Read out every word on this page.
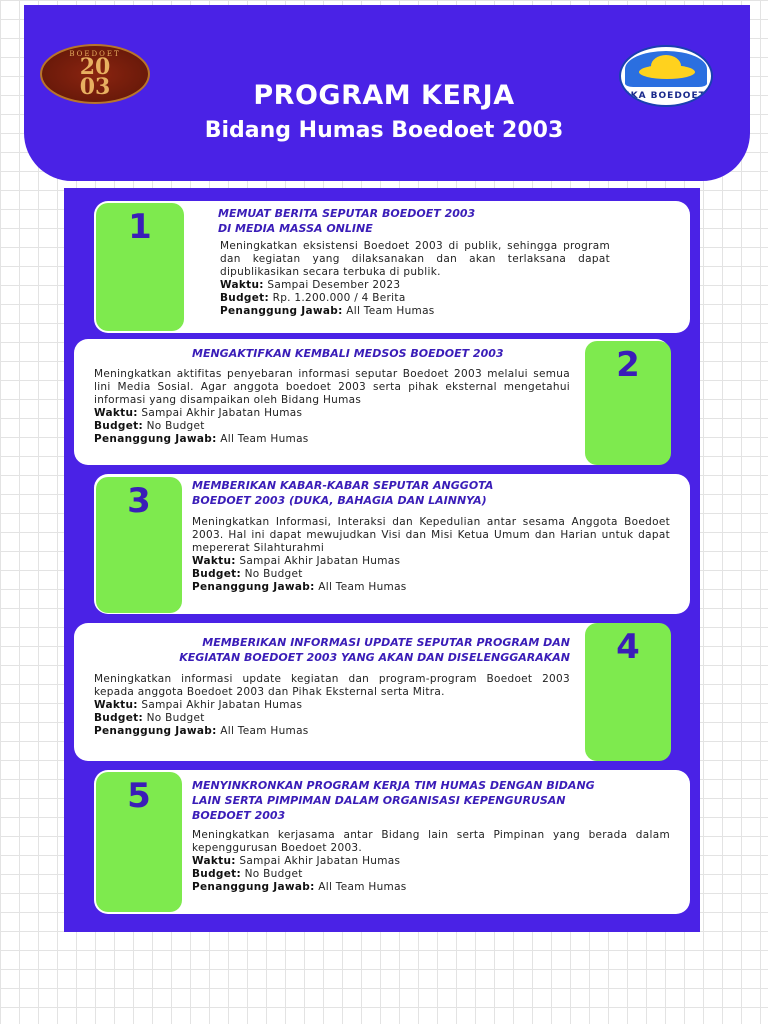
BOEDOET
20
03	IKA BOEDOET
PROGRAM KERJA
Bidang Humas Boedoet 2003
1	MEMUAT BERITA SEPUTAR BOEDOET 2003
DI MEDIA MASSA ONLINE

Meningkatkan eksistensi Boedoet 2003 di publik, sehingga program dan kegiatan yang dilaksanakan dan akan terlaksana dapat dipublikasikan secara terbuka di publik.

Waktu: Sampai Desember 2023

Budget: Rp. 1.200.000 / 4 Berita

Penanggung Jawab: All Team Humas

2
MENGAKTIFKAN KEMBALI MEDSOS BOEDOET 2003

Meningkatkan aktifitas penyebaran informasi seputar Boedoet 2003 melalui semua lini Media Sosial. Agar anggota boedoet 2003 serta pihak eksternal mengetahui informasi yang disampaikan oleh Bidang Humas

Waktu: Sampai Akhir Jabatan Humas

Budget: No Budget

Penanggung Jawab: All Team Humas

3	MEMBERIKAN KABAR-KABAR SEPUTAR ANGGOTA
BOEDOET 2003 (DUKA, BAHAGIA DAN LAINNYA)

Meningkatkan Informasi, Interaksi dan Kepedulian antar sesama Anggota Boedoet 2003. Hal ini dapat mewujudkan Visi dan Misi Ketua Umum dan Harian untuk dapat mepererat Silahturahmi

Waktu: Sampai Akhir Jabatan Humas

Budget: No Budget

Penanggung Jawab: All Team Humas

4
MEMBERIKAN INFORMASI UPDATE SEPUTAR PROGRAM DAN
KEGIATAN BOEDOET 2003 YANG AKAN DAN DISELENGGARAKAN

Meningkatkan informasi update kegiatan dan program-program Boedoet 2003 kepada anggota Boedoet 2003 dan Pihak Eksternal serta Mitra.

Waktu: Sampai Akhir Jabatan Humas

Budget: No Budget

Penanggung Jawab: All Team Humas

5	MENYINKRONKAN PROGRAM KERJA TIM HUMAS DENGAN BIDANG
LAIN SERTA PIMPIMAN DALAM ORGANISASI KEPENGURUSAN
BOEDOET 2003

Meningkatkan kerjasama antar Bidang lain serta Pimpinan yang berada dalam kepenggurusan Boedoet 2003.

Waktu: Sampai Akhir Jabatan Humas

Budget: No Budget

Penanggung Jawab: All Team Humas
